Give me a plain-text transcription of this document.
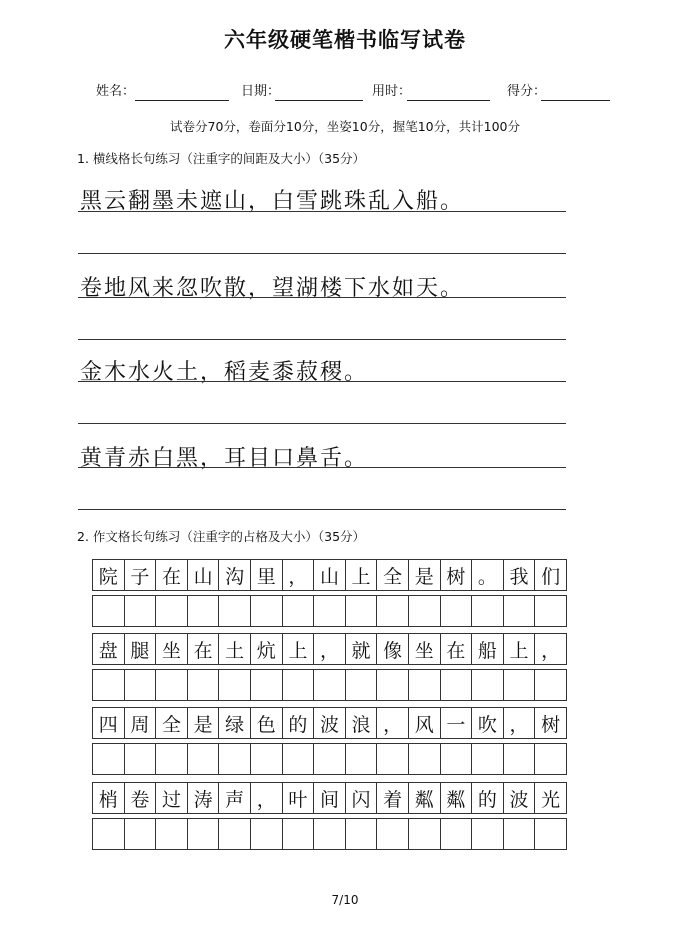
六年级硬笔楷书临写试卷
姓名：	日期：	用时：	得分：
试卷分70分，卷面分10分，坐姿10分，握笔10分，共计100分
1. 横线格长句练习（注重字的间距及大小）（35分）
黑云翻墨未遮山，白雪跳珠乱入船。
卷地风来忽吹散，望湖楼下水如天。
金木水火土，稻麦黍菽稷。
黄青赤白黑，耳目口鼻舌。
2. 作文格长句练习（注重字的占格及大小）（35分）
院 子 在 山 沟 里 ， 山 上 全 是 树 。 我 们
盘 腿 坐 在 土 炕 上 ， 就 像 坐 在 船 上 ，
四 周 全 是 绿 色 的 波 浪 ， 风 一 吹 ， 树
梢 卷 过 涛 声 ， 叶 间 闪 着 粼 粼 的 波 光
7/10
